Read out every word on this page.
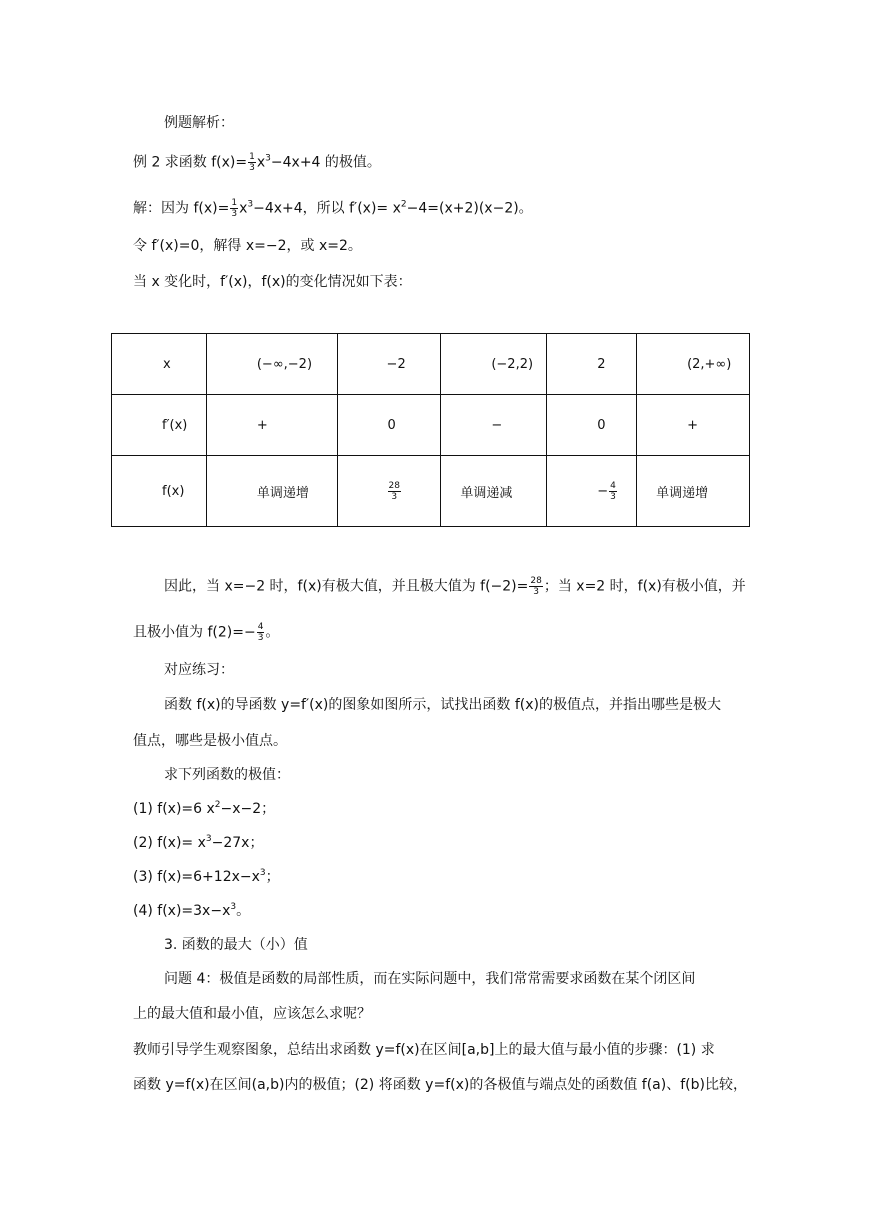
例题解析：
例 2 求函数 $f(x)= \frac{1}{3} x^3-4x+4$ 的极值。
解：因为 $f(x)= \frac{1}{3} x^3-4x+4$，所以 $f'(x)= x^2-4=(x+2)(x-2)$。
令 f′(x)=0，解得 x=−2，或 x=2。
当 x 变化时，f′(x)，f(x)的变化情况如下表：
x	(−∞,−2)	−2	(−2,2)	2	(2,+∞)
f′(x)	+	0	−	0	+
f(x)	单调递增	$\frac{28}{3}$	单调递减	− $\frac{4}{3}$	单调递增
因此，当 x=−2 时，f(x)有极大值，并且极大值为 $f(-2)= \frac{28}{3}$ ；当 x=2 时，f(x)有极小值，并
且极小值为 $f(2)=- \frac{4}{3}$ 。
对应练习：
函数 f(x)的导函数 y=f′(x)的图象如图所示，试找出函数 f(x)的极值点，并指出哪些是极大
值点，哪些是极小值点。
求下列函数的极值：
(1) f(x)=6 $x^2-x-2$；
(2) $f(x)= x^3-27x$；
(3) $f(x)=6+12x-x^3$；
(4) $f(x)=3x-x^3$。
3. 函数的最大（小）值
问题 4：极值是函数的局部性质，而在实际问题中，我们常常需要求函数在某个闭区间
上的最大值和最小值，应该怎么求呢？
教师引导学生观察图象，总结出求函数 y=f(x)在区间[a,b]上的最大值与最小值的步骤：(1) 求
函数 y=f(x)在区间(a,b)内的极值；(2) 将函数 y=f(x)的各极值与端点处的函数值 f(a)、f(b)比较，
